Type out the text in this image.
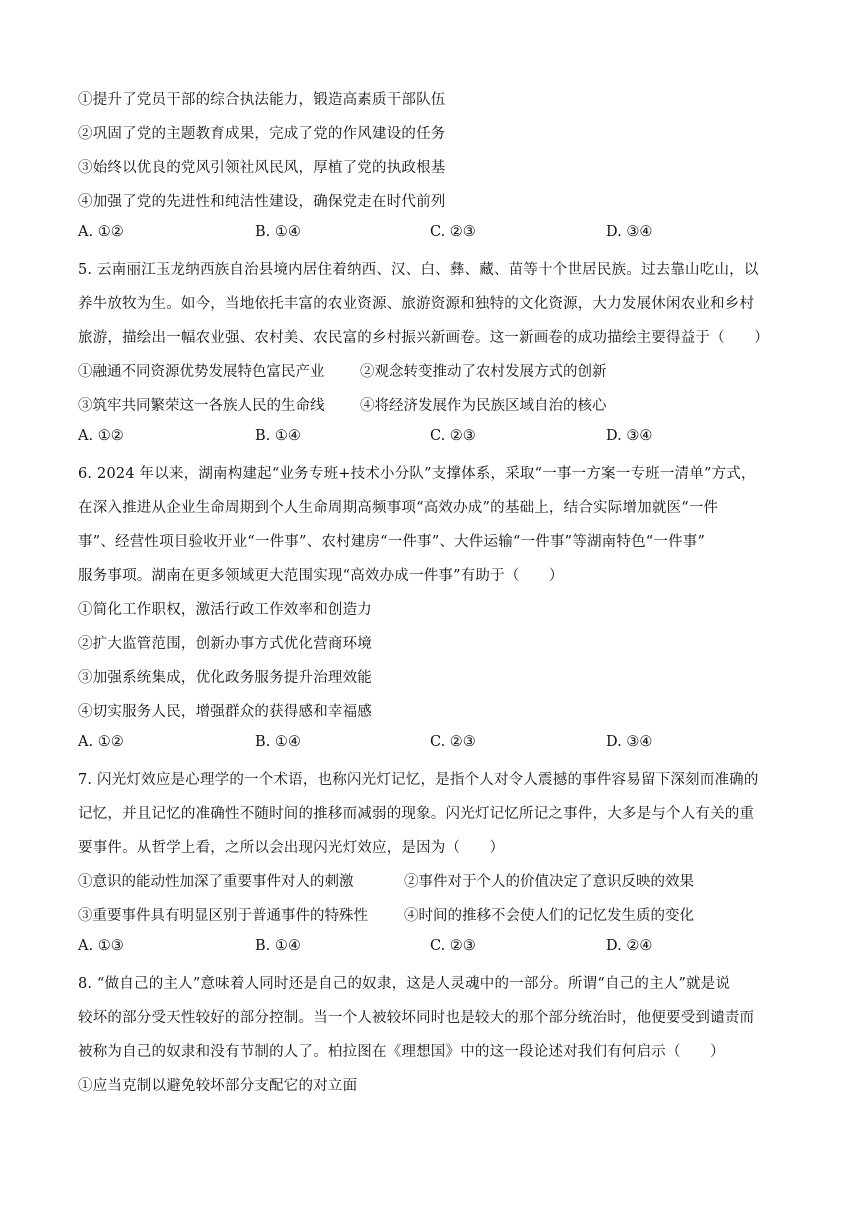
①提升了党员干部的综合执法能力，锻造高素质干部队伍
②巩固了党的主题教育成果，完成了党的作风建设的任务
③始终以优良的党风引领社风民风，厚植了党的执政根基
④加强了党的先进性和纯洁性建设，确保党走在时代前列
A. ①②	B. ①④	C. ②③	D. ③④
5. 云南丽江玉龙纳西族自治县境内居住着纳西、汉、白、彝、藏、苗等十个世居民族。过去靠山吃山，以
养牛放牧为生。如今，当地依托丰富的农业资源、旅游资源和独特的文化资源，大力发展休闲农业和乡村
旅游，描绘出一幅农业强、农村美、农民富的乡村振兴新画卷。这一新画卷的成功描绘主要得益于（　　）
①融通不同资源优势发展特色富民产业 ②观念转变推动了农村发展方式的创新
③筑牢共同繁荣这一各族人民的生命线 ④将经济发展作为民族区域自治的核心
A. ①②	B. ①④	C. ②③	D. ③④
6. 2024 年以来，湖南构建起“业务专班+技术小分队”支撑体系，采取“一事一方案一专班一清单”方式，
在深入推进从企业生命周期到个人生命周期高频事项“高效办成”的基础上，结合实际增加就医“一件
事”、经营性项目验收开业“一件事”、农村建房“一件事”、大件运输“一件事”等湖南特色“一件事”
服务事项。湖南在更多领域更大范围实现“高效办成一件事”有助于（　　）
①简化工作职权，激活行政工作效率和创造力
②扩大监管范围，创新办事方式优化营商环境
③加强系统集成，优化政务服务提升治理效能
④切实服务人民，增强群众的获得感和幸福感
A. ①②	B. ①④	C. ②③	D. ③④
7. 闪光灯效应是心理学的一个术语，也称闪光灯记忆，是指个人对令人震撼的事件容易留下深刻而准确的
记忆，并且记忆的准确性不随时间的推移而减弱的现象。闪光灯记忆所记之事件，大多是与个人有关的重
要事件。从哲学上看，之所以会出现闪光灯效应，是因为（　　）
①意识的能动性加深了重要事件对人的刺激	②事件对于个人的价值决定了意识反映的效果
③重要事件具有明显区别于普通事件的特殊性 ④时间的推移不会使人们的记忆发生质的变化
A. ①③	B. ①④	C. ②③	D. ②④
8. “做自己的主人”意味着人同时还是自己的奴隶，这是人灵魂中的一部分。所谓“自己的主人”就是说
较坏的部分受天性较好的部分控制。当一个人被较坏同时也是较大的那个部分统治时，他便要受到谴责而
被称为自己的奴隶和没有节制的人了。柏拉图在《理想国》中的这一段论述对我们有何启示（　　）
①应当克制以避免较坏部分支配它的对立面
